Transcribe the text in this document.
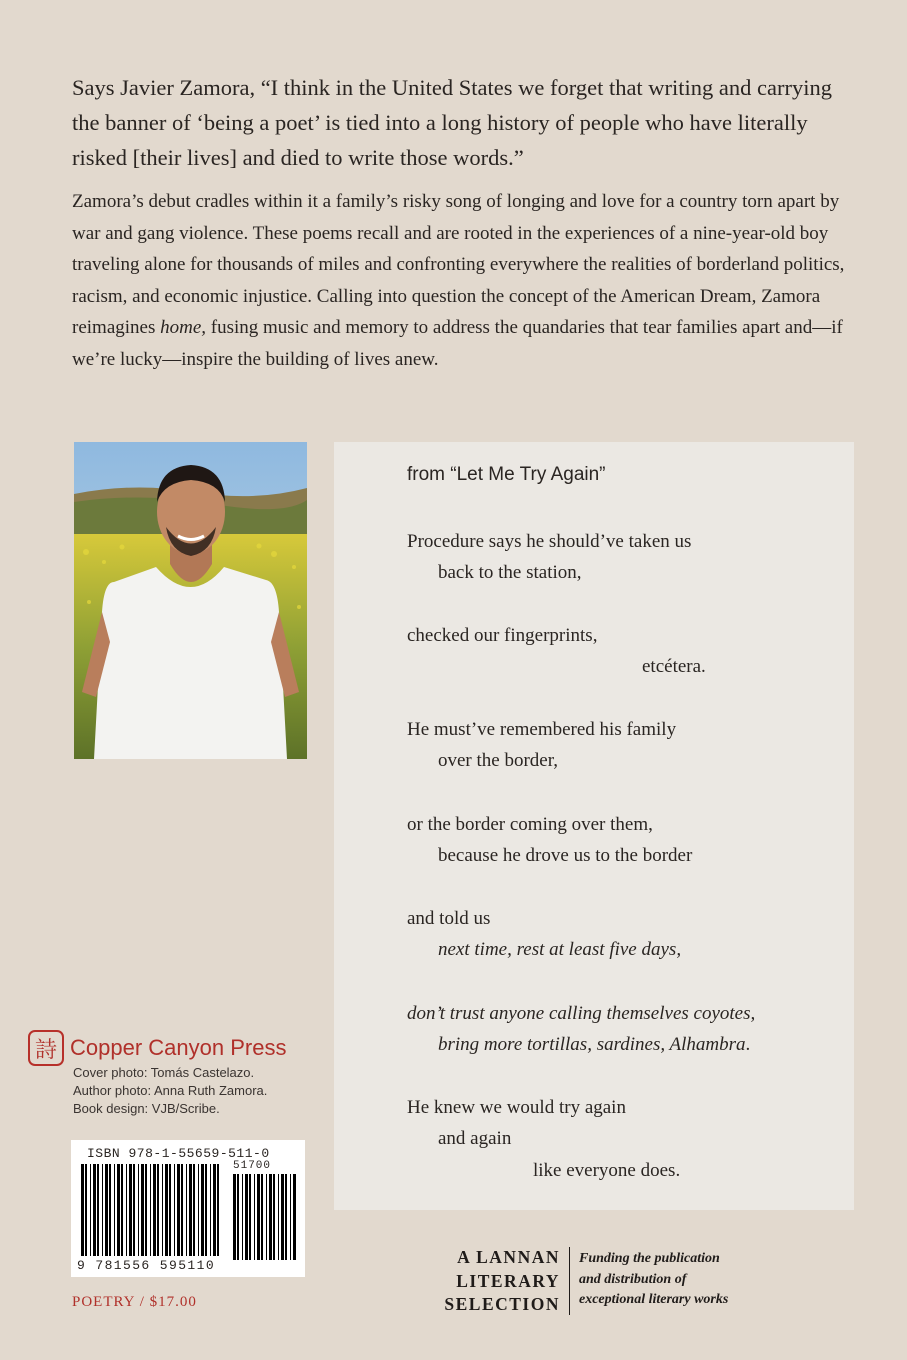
Says Javier Zamora, “I think in the United States we forget that writing and carrying the banner of ‘being a poet’ is tied into a long history of people who have literally risked [their lives] and died to write those words.”

Zamora’s debut cradles within it a family’s risky song of longing and love for a country torn apart by war and gang violence. These poems recall and are rooted in the experiences of a nine-year-old boy traveling alone for thousands of miles and confronting everywhere the realities of borderland politics, racism, and economic injustice. Calling into question the concept of the American Dream, Zamora reimagines home, fusing music and memory to address the quandaries that tear families apart and—if we’re lucky—inspire the building of lives anew.

from “Let Me Try Again”
Procedure says he should’ve taken us
back to the station,
checked our fingerprints,
etcétera.
He must’ve remembered his family
over the border,
or the border coming over them,
because he drove us to the border
and told us
next time, rest at least five days,
don’t trust anyone calling themselves coyotes,
bring more tortillas, sardines, Alhambra.
He knew we would try again
and again
like everyone does.
詩 Copper Canyon Press
Cover photo: Tomás Castelazo.
Author photo: Anna Ruth Zamora.
Book design: VJB/Scribe.
ISBN 978-1-55659-511-0
51700
9 781556 595110
POETRY / $17.00
A LANNAN
LITERARY
SELECTION
Funding the publication
and distribution of
exceptional literary works
